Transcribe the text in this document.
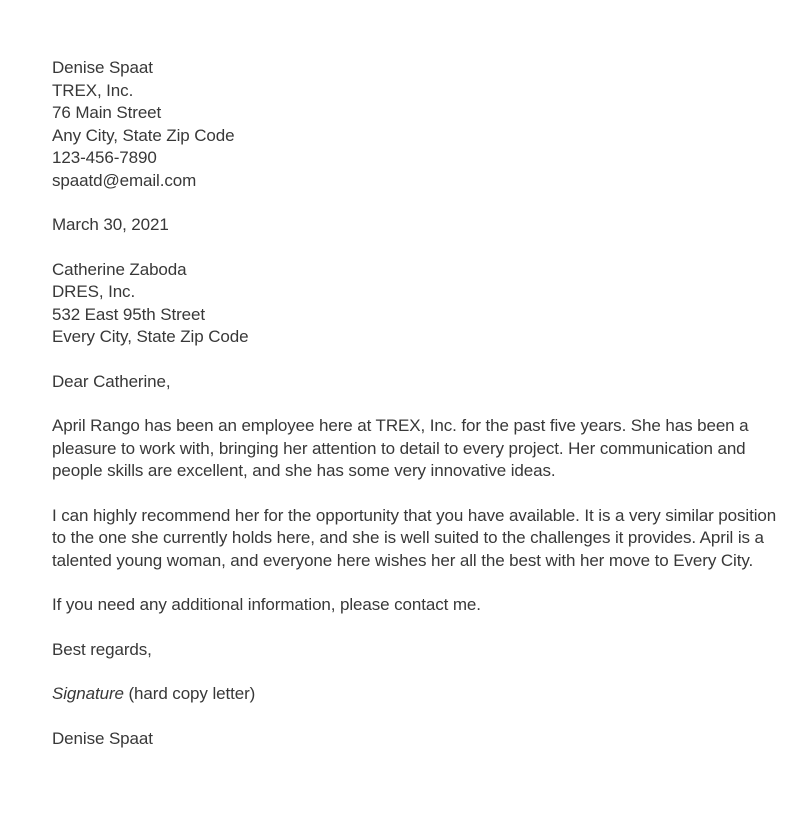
Denise Spaat
TREX, Inc.
76 Main Street
Any City, State Zip Code
123-456-7890
spaatd@email.com
March 30, 2021
Catherine Zaboda
DRES, Inc.
532 East 95th Street
Every City, State Zip Code
Dear Catherine,

April Rango has been an employee here at TREX, Inc. for the past five years. She has been a pleasure to work with, bringing her attention to detail to every project. Her communication and people skills are excellent, and she has some very innovative ideas.

I can highly recommend her for the opportunity that you have available. It is a very similar position to the one she currently holds here, and she is well suited to the challenges it provides. April is a talented young woman, and everyone here wishes her all the best with her move to Every City.

If you need any additional information, please contact me.

Best regards,
Signature (hard copy letter)
Denise Spaat
